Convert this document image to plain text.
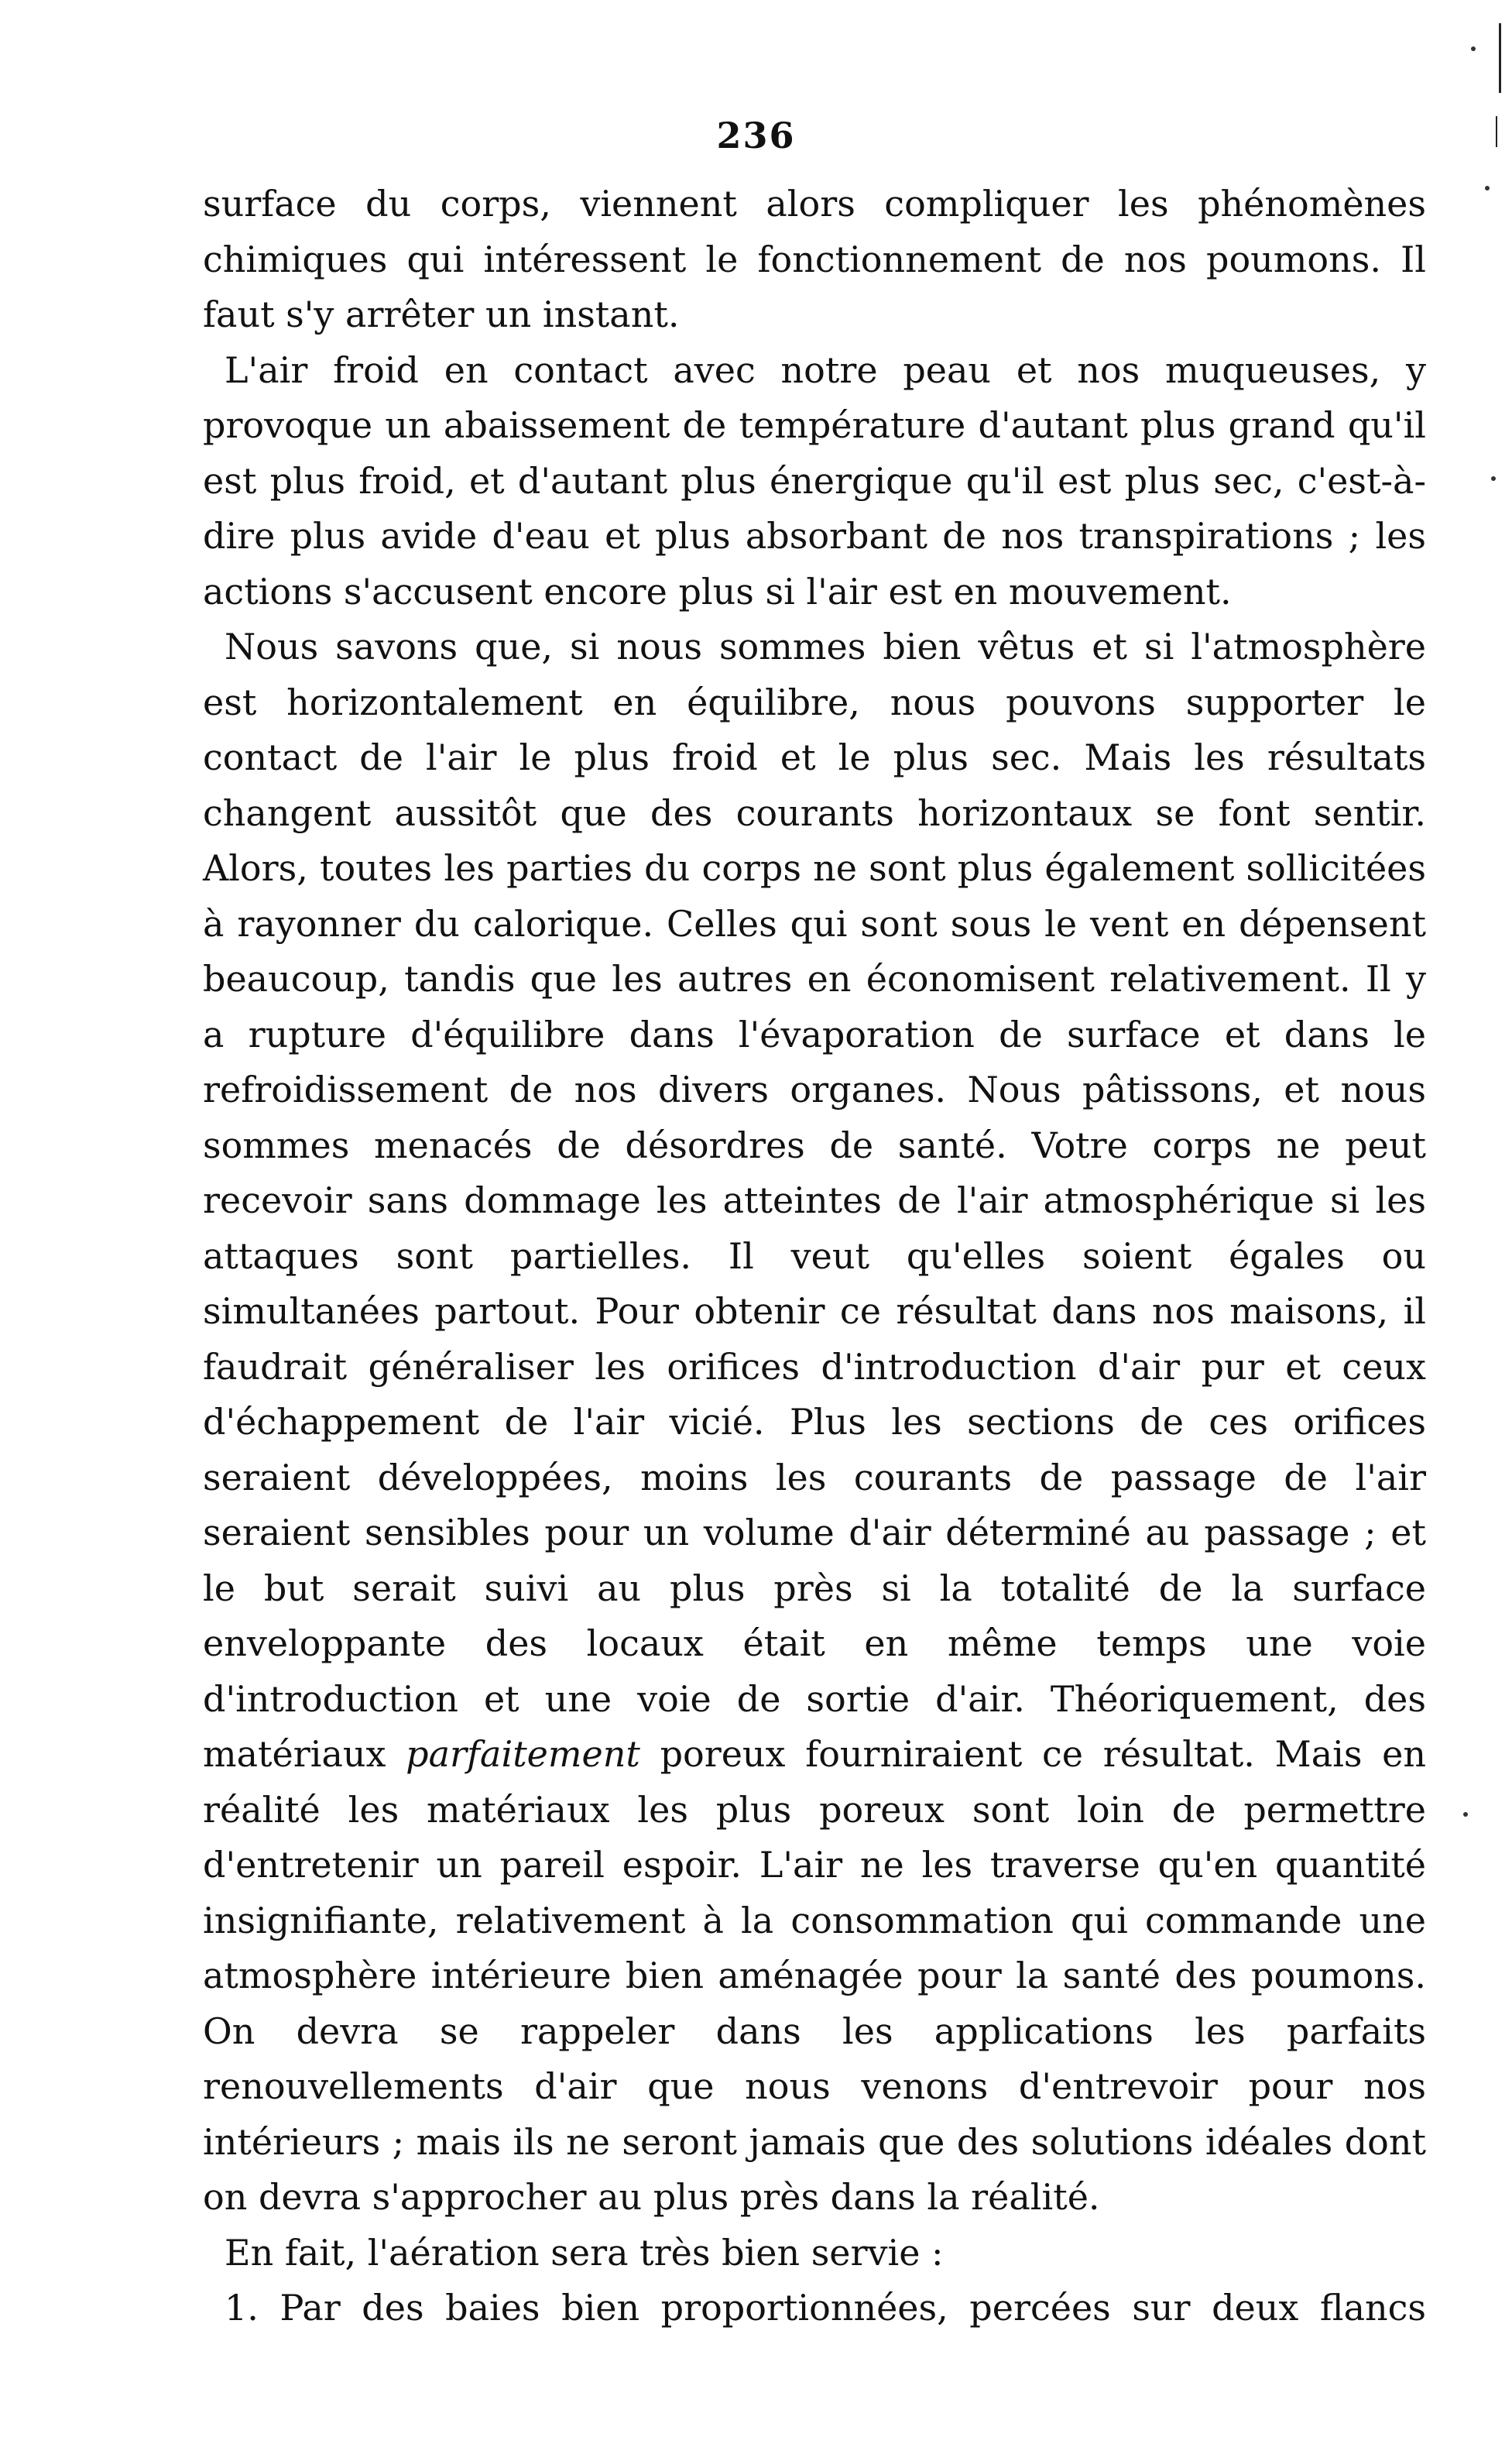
236

surface du corps, viennent alors compliquer les phénomènes chimiques qui intéressent le fonctionnement de nos poumons. Il faut s'y arrêter un instant.

L'air froid en contact avec notre peau et nos muqueuses, y provoque un abaissement de température d'autant plus grand qu'il est plus froid, et d'autant plus énergique qu'il est plus sec, c'est-à-dire plus avide d'eau et plus absorbant de nos transpirations ; les actions s'accusent encore plus si l'air est en mouvement.

Nous savons que, si nous sommes bien vêtus et si l'atmosphère est horizontalement en équilibre, nous pouvons supporter le contact de l'air le plus froid et le plus sec. Mais les résultats changent aussitôt que des courants horizontaux se font sentir. Alors, toutes les parties du corps ne sont plus également sollicitées à rayonner du calorique. Celles qui sont sous le vent en dépensent beaucoup, tandis que les autres en économisent relativement. Il y a rupture d'équilibre dans l'évaporation de surface et dans le refroidissement de nos divers organes. Nous pâtissons, et nous sommes menacés de désordres de santé. Votre corps ne peut recevoir sans dommage les atteintes de l'air atmosphérique si les attaques sont partielles. Il veut qu'elles soient égales ou simultanées partout. Pour obtenir ce résultat dans nos maisons, il faudrait généraliser les orifices d'introduction d'air pur et ceux d'échappement de l'air vicié. Plus les sections de ces orifices seraient développées, moins les courants de passage de l'air seraient sensibles pour un volume d'air déterminé au passage ; et le but serait suivi au plus près si la totalité de la surface enveloppante des locaux était en même temps une voie d'introduction et une voie de sortie d'air. Théoriquement, des matériaux parfaitement poreux fourniraient ce résultat. Mais en réalité les matériaux les plus poreux sont loin de permettre d'entretenir un pareil espoir. L'air ne les traverse qu'en quantité insignifiante, relativement à la consommation qui commande une atmosphère intérieure bien aménagée pour la santé des poumons. On devra se rappeler dans les applications les parfaits renouvellements d'air que nous venons d'entrevoir pour nos intérieurs ; mais ils ne seront jamais que des solutions idéales dont on devra s'approcher au plus près dans la réalité.

En fait, l'aération sera très bien servie :

1. Par des baies bien proportionnées, percées sur deux flancs
